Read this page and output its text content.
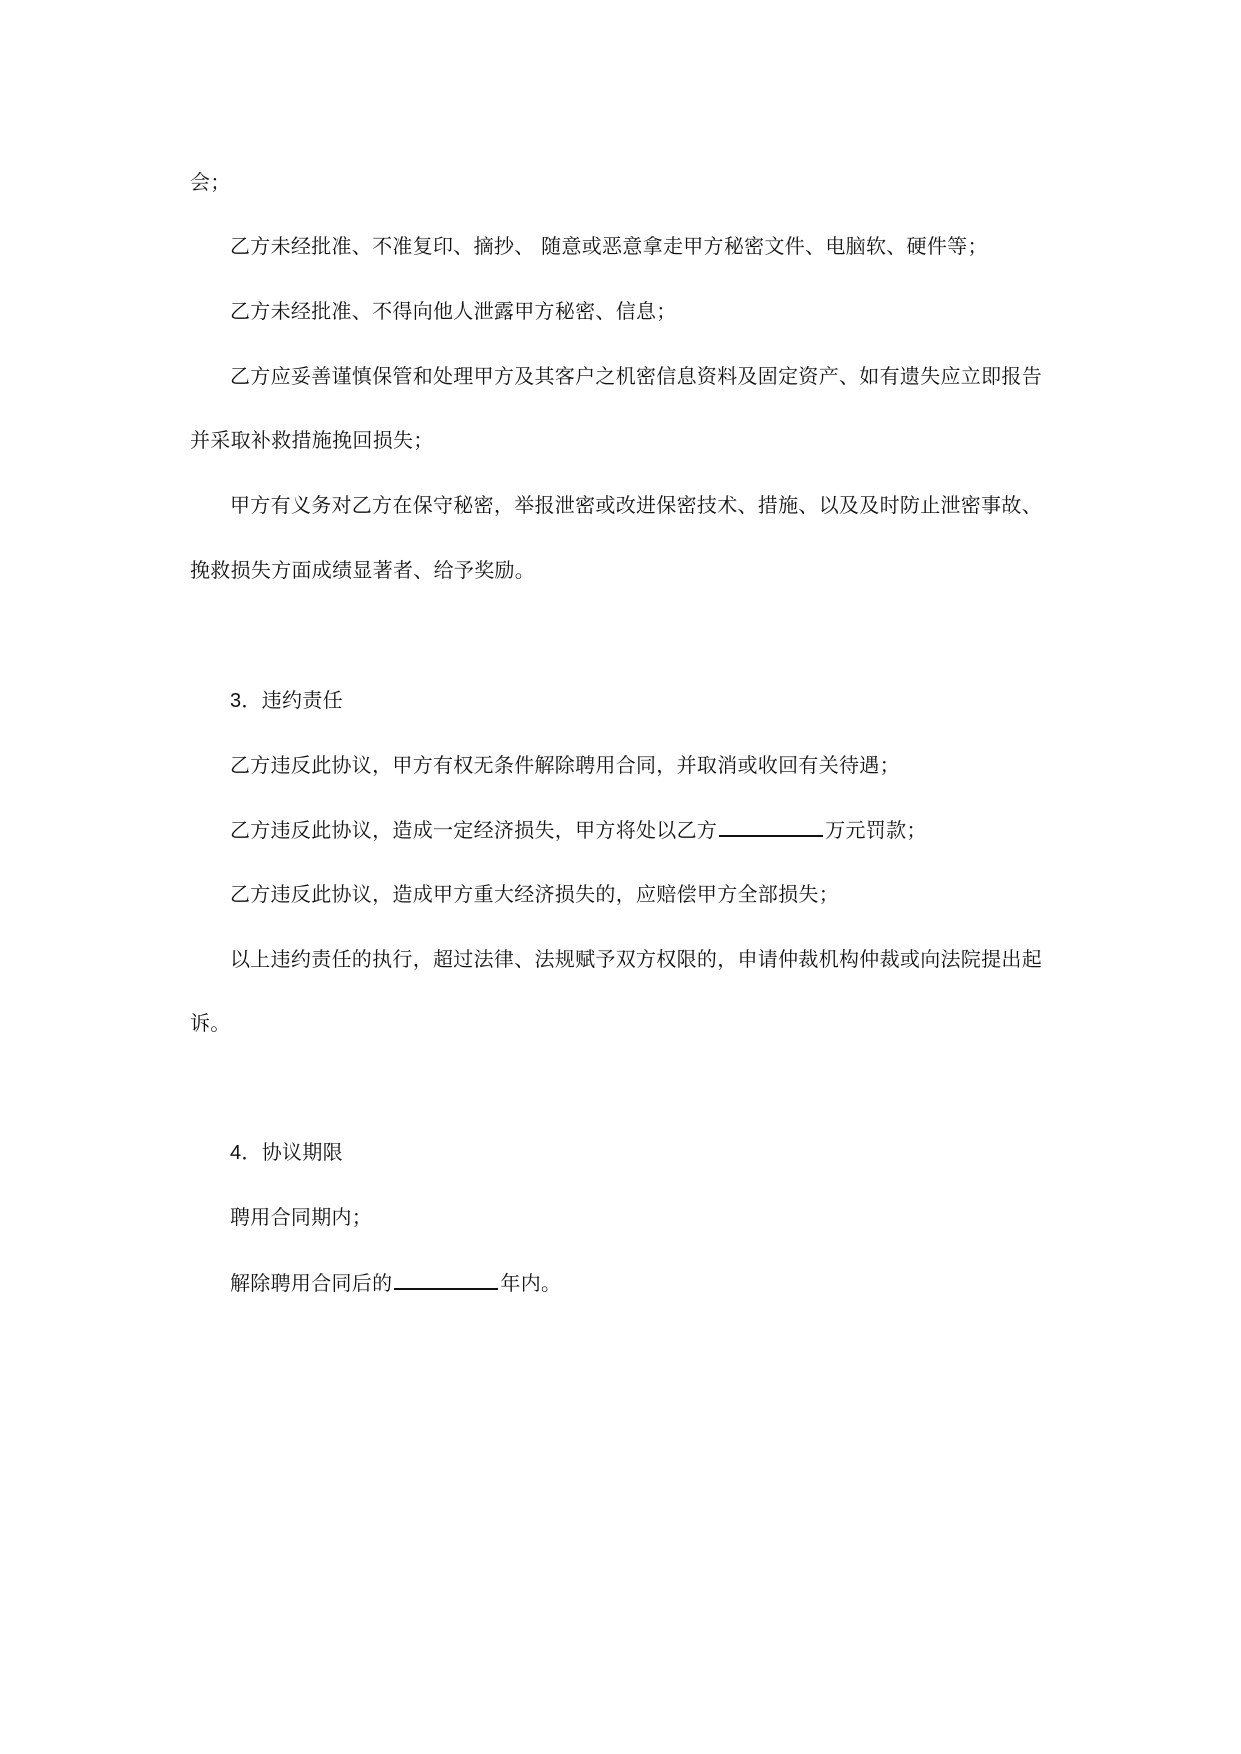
会；
乙方未经批准、不准复印、摘抄、 随意或恶意拿走甲方秘密文件、电脑软、硬件等；
乙方未经批准、不得向他人泄露甲方秘密、信息；
乙方应妥善谨慎保管和处理甲方及其客户之机密信息资料及固定资产、如有遗失应立即报告
并采取补救措施挽回损失；
甲方有义务对乙方在保守秘密，举报泄密或改进保密技术、措施、以及及时防止泄密事故、
挽救损失方面成绩显著者、给予奖励。
3．违约责任
乙方违反此协议，甲方有权无条件解除聘用合同，并取消或收回有关待遇；
乙方违反此协议，造成一定经济损失，甲方将处以乙方	万元罚款；
乙方违反此协议，造成甲方重大经济损失的，应赔偿甲方全部损失；
以上违约责任的执行，超过法律、法规赋予双方权限的，申请仲裁机构仲裁或向法院提出起
诉。
4．协议期限
聘用合同期内；
解除聘用合同后的	年内。
